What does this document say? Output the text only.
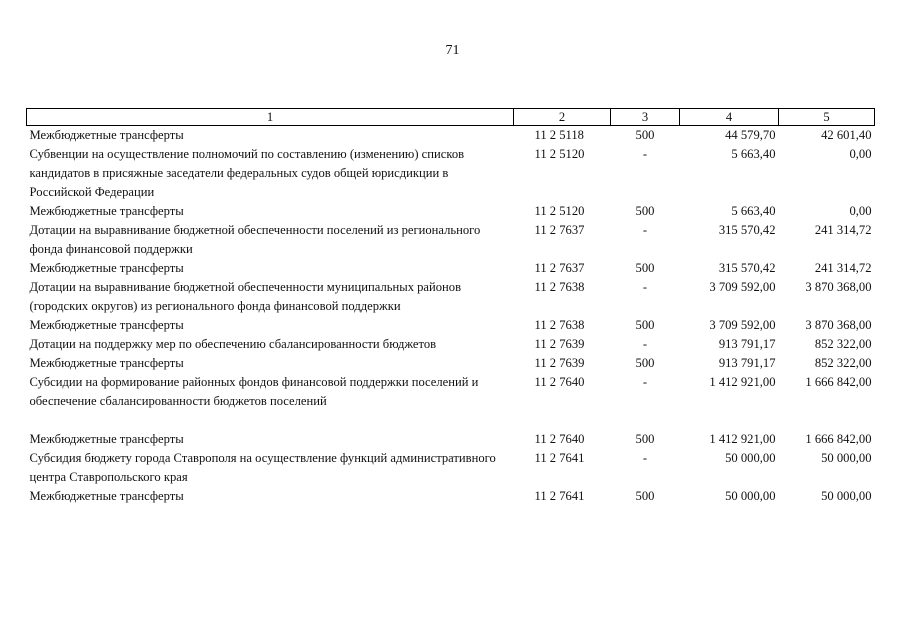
71
1	2	3	4	5
Межбюджетные трансферты	11 2 5118	500	44 579,70	42 601,40
Субвенции на осуществление полномочий по составлению (изменению) списков кандидатов в присяжные заседатели федеральных судов общей юрисдикции в Российской Федерации	11 2 5120	-	5 663,40	0,00
Межбюджетные трансферты	11 2 5120	500	5 663,40	0,00
Дотации на выравнивание бюджетной обеспеченности поселений из регионального фонда финансовой поддержки	11 2 7637	-	315 570,42	241 314,72
Межбюджетные трансферты	11 2 7637	500	315 570,42	241 314,72
Дотации на выравнивание бюджетной обеспеченности муниципальных районов (городских округов) из регионального фонда финансовой поддержки	11 2 7638	-	3 709 592,00	3 870 368,00
Межбюджетные трансферты	11 2 7638	500	3 709 592,00	3 870 368,00
Дотации на поддержку мер по обеспечению сбалансированности бюджетов	11 2 7639	-	913 791,17	852 322,00
Межбюджетные трансферты	11 2 7639	500	913 791,17	852 322,00
Субсидии на формирование районных фондов финансовой поддержки поселений и обеспечение сбалансированности бюджетов поселений	11 2 7640	-	1 412 921,00	1 666 842,00
Межбюджетные трансферты	11 2 7640	500	1 412 921,00	1 666 842,00
Субсидия бюджету города Ставрополя на осуществление функций административного центра Ставропольского края	11 2 7641	-	50 000,00	50 000,00
Межбюджетные трансферты	11 2 7641	500	50 000,00	50 000,00
